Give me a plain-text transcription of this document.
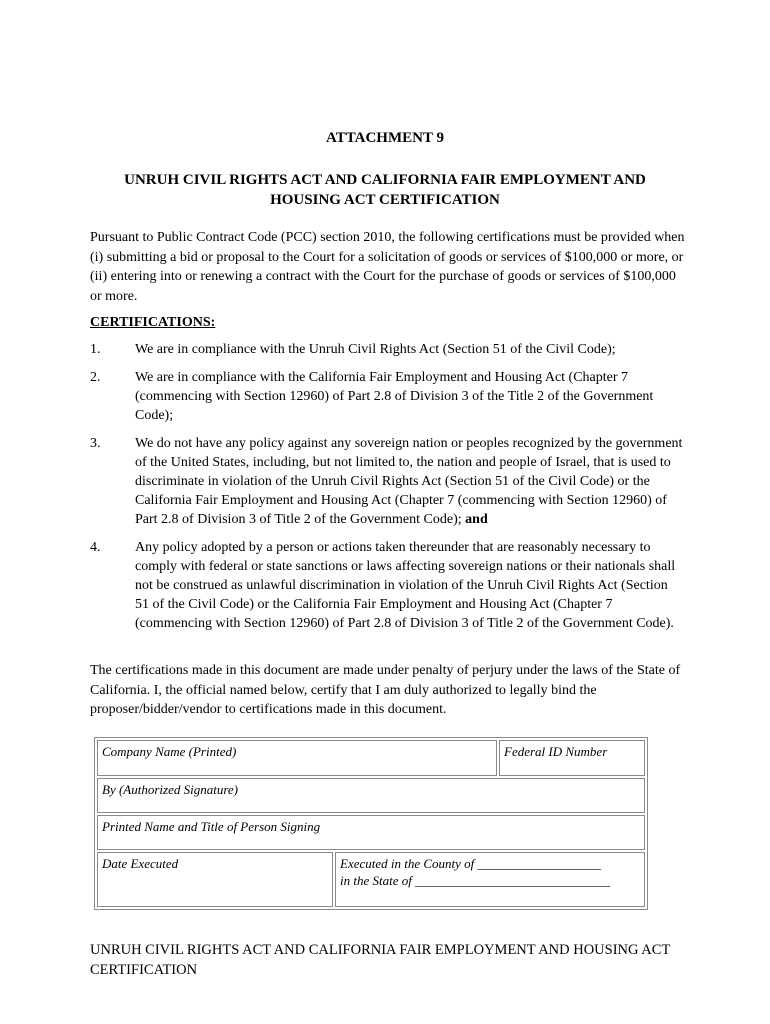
ATTACHMENT 9
UNRUH CIVIL RIGHTS ACT AND CALIFORNIA FAIR EMPLOYMENT AND
HOUSING ACT CERTIFICATION

Pursuant to Public Contract Code (PCC) section 2010, the following certifications must be provided when (i) submitting a bid or proposal to the Court for a solicitation of goods or services of $100,000 or more, or (ii) entering into or renewing a contract with the Court for the purchase of goods or services of $100,000 or more.

CERTIFICATIONS:
1.	We are in compliance with the Unruh Civil Rights Act (Section 51 of the Civil Code);
2.	We are in compliance with the California Fair Employment and Housing Act (Chapter 7 (commencing with Section 12960) of Part 2.8 of Division 3 of the Title 2 of the Government Code);
3.	We do not have any policy against any sovereign nation or peoples recognized by the government of the United States, including, but not limited to, the nation and people of Israel, that is used to discriminate in violation of the Unruh Civil Rights Act (Section 51 of the Civil Code) or the California Fair Employment and Housing Act (Chapter 7 (commencing with Section 12960) of Part 2.8 of Division 3 of Title 2 of the Government Code); and
4.	Any policy adopted by a person or actions taken thereunder that are reasonably necessary to comply with federal or state sanctions or laws affecting sovereign nations or their nationals shall not be construed as unlawful discrimination in violation of the Unruh Civil Rights Act (Section 51 of the Civil Code) or the California Fair Employment and Housing Act (Chapter 7 (commencing with Section 12960) of Part 2.8 of Division 3 of Title 2 of the Government Code).

The certifications made in this document are made under penalty of perjury under the laws of the State of California. I, the official named below, certify that I am duly authorized to legally bind the proposer/bidder/vendor to certifications made in this document.

Company Name (Printed)	Federal ID Number
By (Authorized Signature)
Printed Name and Title of Person Signing
Date Executed	Executed in the County of ___________________
in the State of ______________________________
UNRUH CIVIL RIGHTS ACT AND CALIFORNIA FAIR EMPLOYMENT AND HOUSING ACT CERTIFICATION
